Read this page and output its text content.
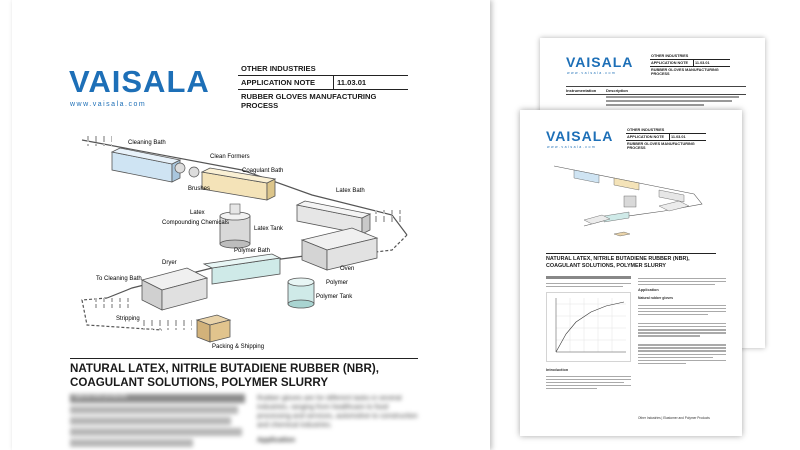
VAISALA
www.vaisala.com
OTHER INDUSTRIES
APPLICATION NOTE	11.03.01
RUBBER GLOVES MANUFACTURING
PROCESS
Cleaning Bath
Clean Formers
Brushes
Coagulant Bath
Latex Bath
Latex
Compounding Chemicals
Latex Tank
Dryer
Polymer Bath
Oven
To Cleaning Bath
Polymer
Polymer Tank
Stripping
Packing & Shipping
NATURAL LATEX, NITRILE BUTADIENE RUBBER (NBR),
COAGULANT SOLUTIONS, POLYMER SLURRY
Typical end products	Rubber gloves are for different tasks in several industries, ranging from healthcare to food processing and services, automotive to construction and chemical industries.
Application
VAISALA
www.vaisala.com
OTHER INDUSTRIES
APPLICATION NOTE	11.03.01
RUBBER GLOVES MANUFACTURING
PROCESS
Instrumentation	Description
VAISALA
www.vaisala.com
OTHER INDUSTRIES
APPLICATION NOTE	11.03.01
RUBBER GLOVES MANUFACTURING
PROCESS
NATURAL LATEX, NITRILE BUTADIENE RUBBER (NBR),
COAGULANT SOLUTIONS, POLYMER SLURRY
Introduction
Application
Natural rubber gloves
Other Industries | Elastomer and Polymer Products
